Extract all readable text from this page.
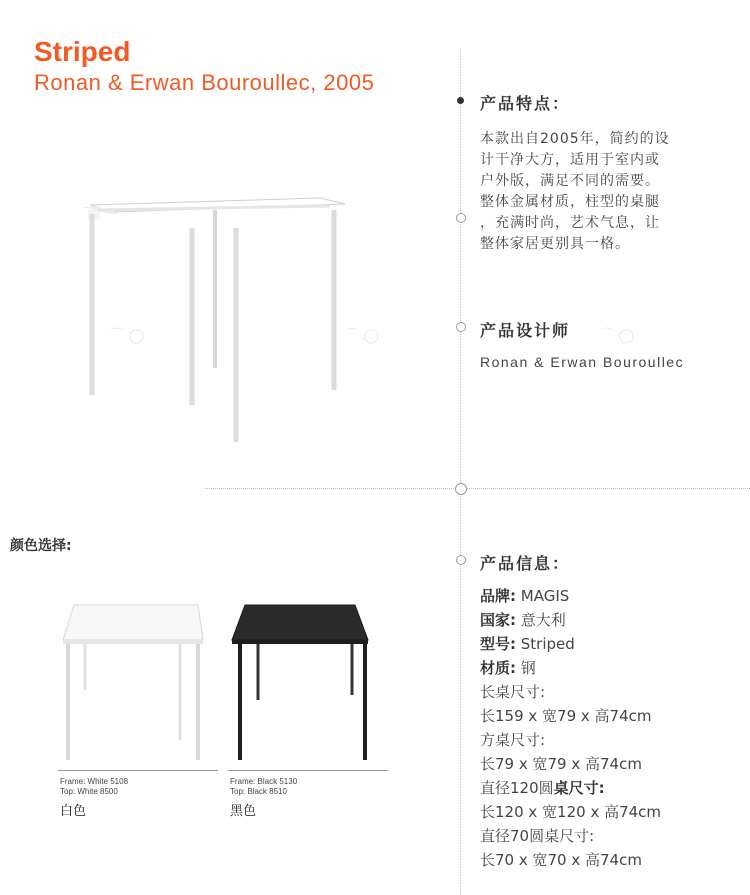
Striped
Ronan & Erwan Bouroullec, 2005
⌒ ◯	⌒ ◯	⌒ ◯
产品特点：
本款出自2005年，简约的设
计干净大方，适用于室内或
户外版，满足不同的需要。
整体金属材质，柱型的桌腿
，充满时尚，艺术气息，让
整体家居更别具一格。
产品设计师
Ronan & Erwan Bouroullec
颜色选择:
Frame: White 5108
Top: White 8500
白色
Frame: Black 5130
Top: Black 8510
黑色
产品信息：
品牌: MAGIS
国家: 意大利
型号: Striped
材质: 钢
长桌尺寸:
长159 x 宽79 x 高74cm
方桌尺寸:
长79 x 宽79 x 高74cm
直径120圆桌尺寸:
长120 x 宽120 x 高74cm
直径70圆桌尺寸:
长70 x 宽70 x 高74cm
